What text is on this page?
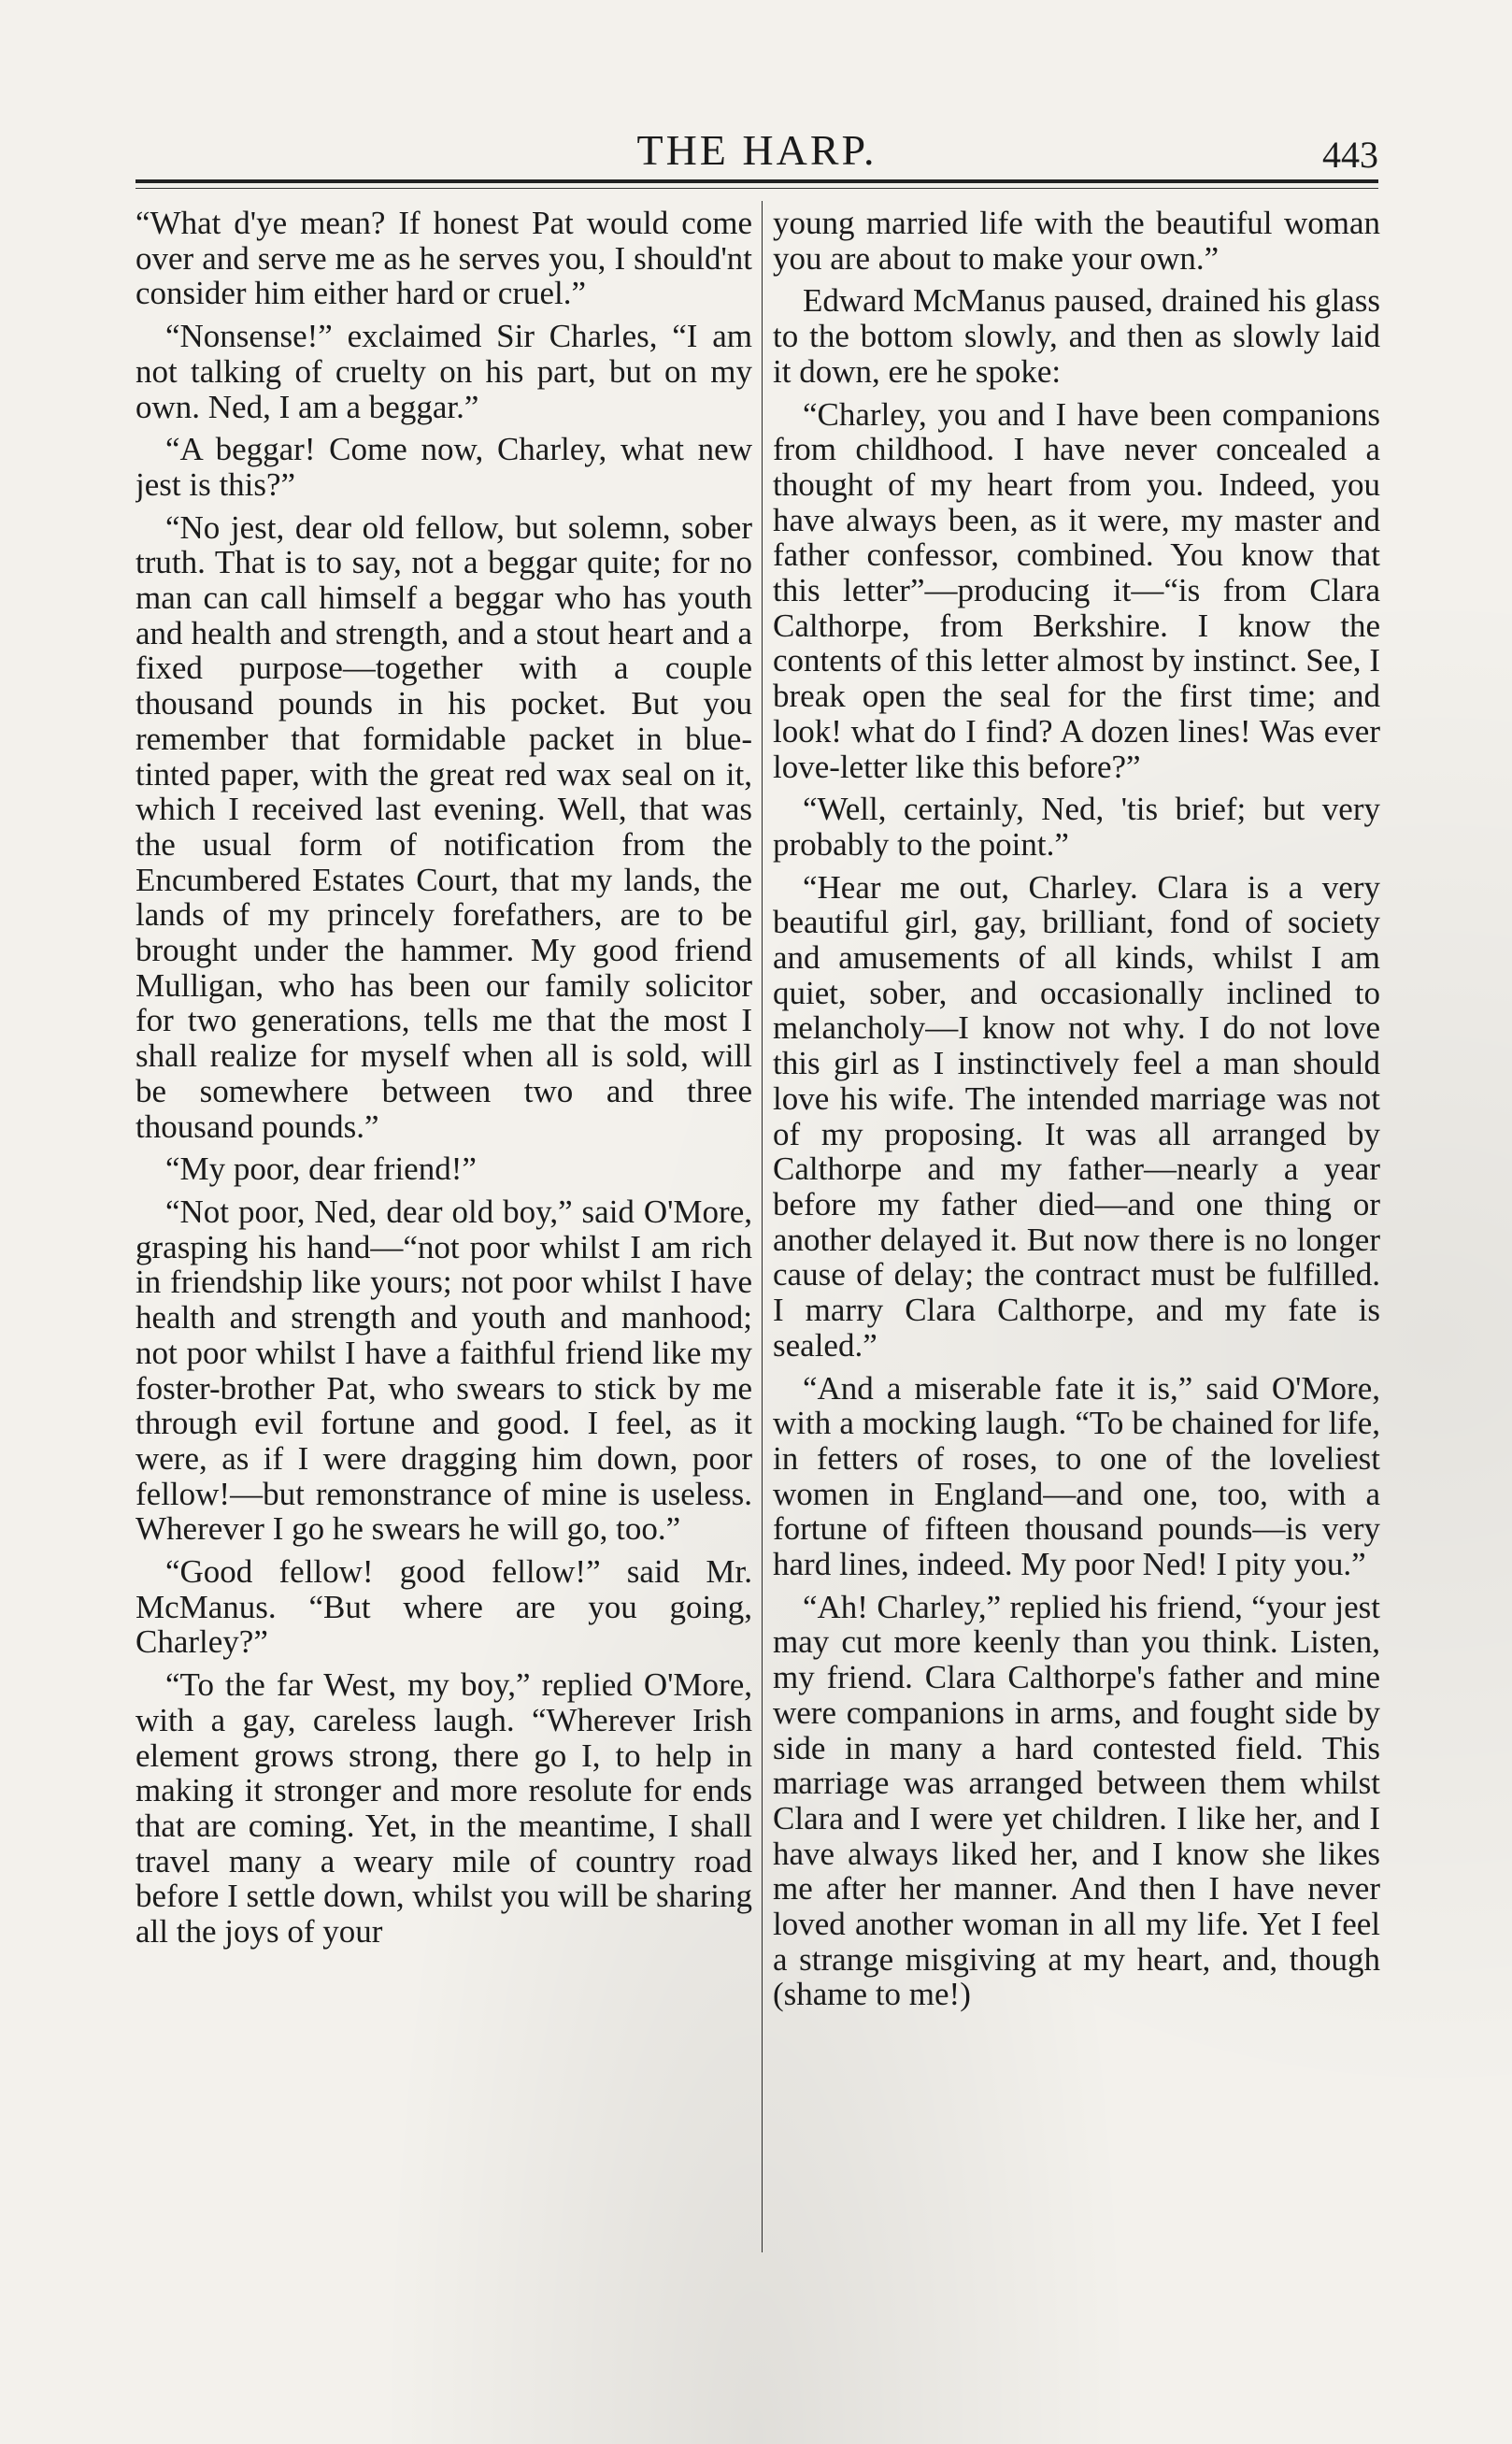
THE HARP.	443

“What d'ye mean? If honest Pat would come over and serve me as he serves you, I should'nt consider him either hard or cruel.”

“Nonsense!” exclaimed Sir Charles, “I am not talking of cruelty on his part, but on my own. Ned, I am a beggar.”

“A beggar! Come now, Charley, what new jest is this?”

“No jest, dear old fellow, but solemn, sober truth. That is to say, not a beggar quite; for no man can call himself a beggar who has youth and health and strength, and a stout heart and a fixed purpose—together with a couple thousand pounds in his pocket. But you remember that formidable packet in blue-tinted paper, with the great red wax seal on it, which I received last evening. Well, that was the usual form of notification from the Encumbered Estates Court, that my lands, the lands of my princely forefathers, are to be brought under the hammer. My good friend Mulligan, who has been our family solicitor for two generations, tells me that the most I shall realize for myself when all is sold, will be somewhere between two and three thousand pounds.”

“My poor, dear friend!”

“Not poor, Ned, dear old boy,” said O'More, grasping his hand—“not poor whilst I am rich in friendship like yours; not poor whilst I have health and strength and youth and manhood; not poor whilst I have a faithful friend like my foster-brother Pat, who swears to stick by me through evil fortune and good. I feel, as it were, as if I were dragging him down, poor fellow!—but remonstrance of mine is useless. Wherever I go he swears he will go, too.”

“Good fellow! good fellow!” said Mr. McManus. “But where are you going, Charley?”

“To the far West, my boy,” replied O'More, with a gay, careless laugh. “Wherever Irish element grows strong, there go I, to help in making it stronger and more resolute for ends that are coming. Yet, in the meantime, I shall travel many a weary mile of country road before I settle down, whilst you will be sharing all the joys of your

young married life with the beautiful woman you are about to make your own.”

Edward McManus paused, drained his glass to the bottom slowly, and then as slowly laid it down, ere he spoke:

“Charley, you and I have been companions from childhood. I have never concealed a thought of my heart from you. Indeed, you have always been, as it were, my master and father confessor, combined. You know that this letter”—producing it—“is from Clara Calthorpe, from Berkshire. I know the contents of this letter almost by instinct. See, I break open the seal for the first time; and look! what do I find? A dozen lines! Was ever love-letter like this before?”

“Well, certainly, Ned, 'tis brief; but very probably to the point.”

“Hear me out, Charley. Clara is a very beautiful girl, gay, brilliant, fond of society and amusements of all kinds, whilst I am quiet, sober, and occasionally inclined to melancholy—I know not why. I do not love this girl as I instinctively feel a man should love his wife. The intended marriage was not of my proposing. It was all arranged by Calthorpe and my father—nearly a year before my father died—and one thing or another delayed it. But now there is no longer cause of delay; the contract must be fulfilled. I marry Clara Calthorpe, and my fate is sealed.”

“And a miserable fate it is,” said O'More, with a mocking laugh. “To be chained for life, in fetters of roses, to one of the loveliest women in England—and one, too, with a fortune of fifteen thousand pounds—is very hard lines, indeed. My poor Ned! I pity you.”

“Ah! Charley,” replied his friend, “your jest may cut more keenly than you think. Listen, my friend. Clara Calthorpe's father and mine were companions in arms, and fought side by side in many a hard contested field. This marriage was arranged between them whilst Clara and I were yet children. I like her, and I have always liked her, and I know she likes me after her manner. And then I have never loved another woman in all my life. Yet I feel a strange misgiving at my heart, and, though (shame to me!)
